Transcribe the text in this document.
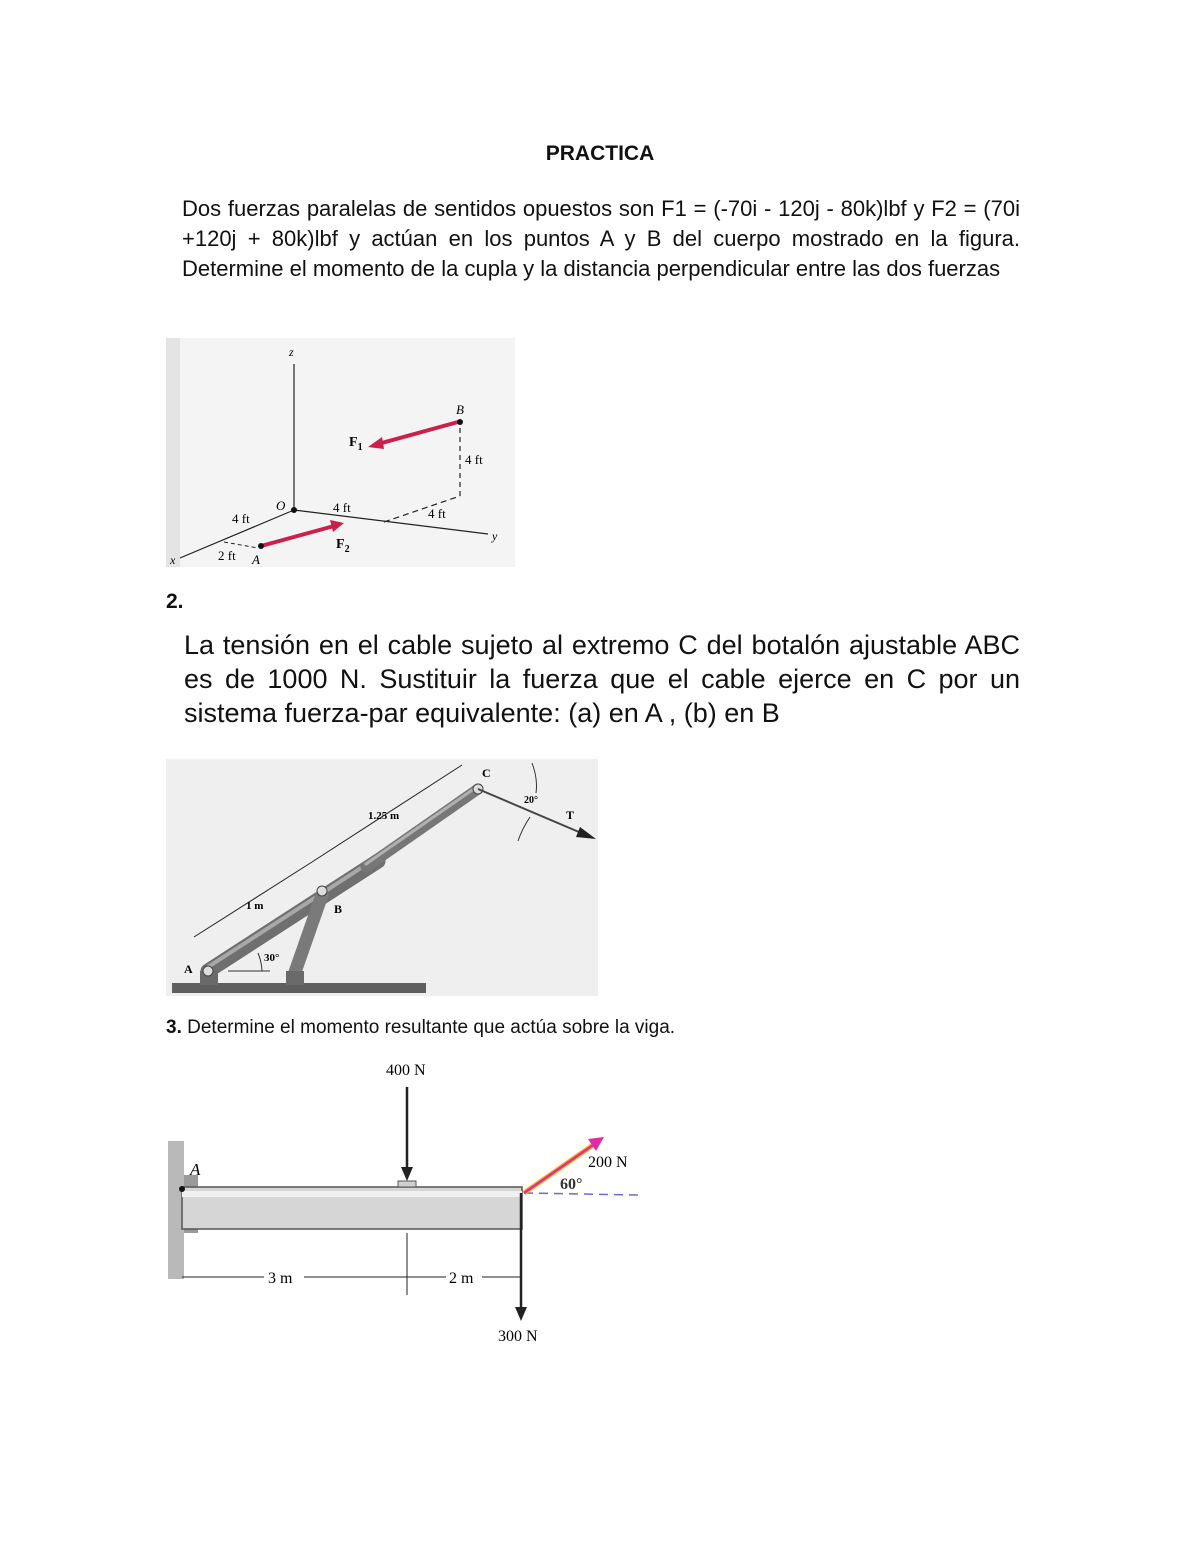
PRACTICA
Dos fuerzas paralelas de sentidos opuestos son F1 = (-70i - 120j - 80k)lbf y F2 = (70i +120j + 80k)lbf y actúan en los puntos A y B del cuerpo mostrado en la figura. Determine el momento de la cupla y la distancia perpendicular entre las dos fuerzas
z
x
y
O
B
A
$F_1$
$F_2$
4 ft
4 ft	4 ft
4 ft
2 ft
2.
La tensión en el cable sujeto al extremo C del botalón ajustable ABC es de 1000 N. Sustituir la fuerza que el cable ejerce en C por un sistema fuerza-par equivalente: (a) en A , (b) en B
A
B
C
1 m
1.25 m
30°
20°
T
3. Determine el momento resultante que actúa sobre la viga.
400 N
200 N
300 N
60°
A
3 m	2 m
